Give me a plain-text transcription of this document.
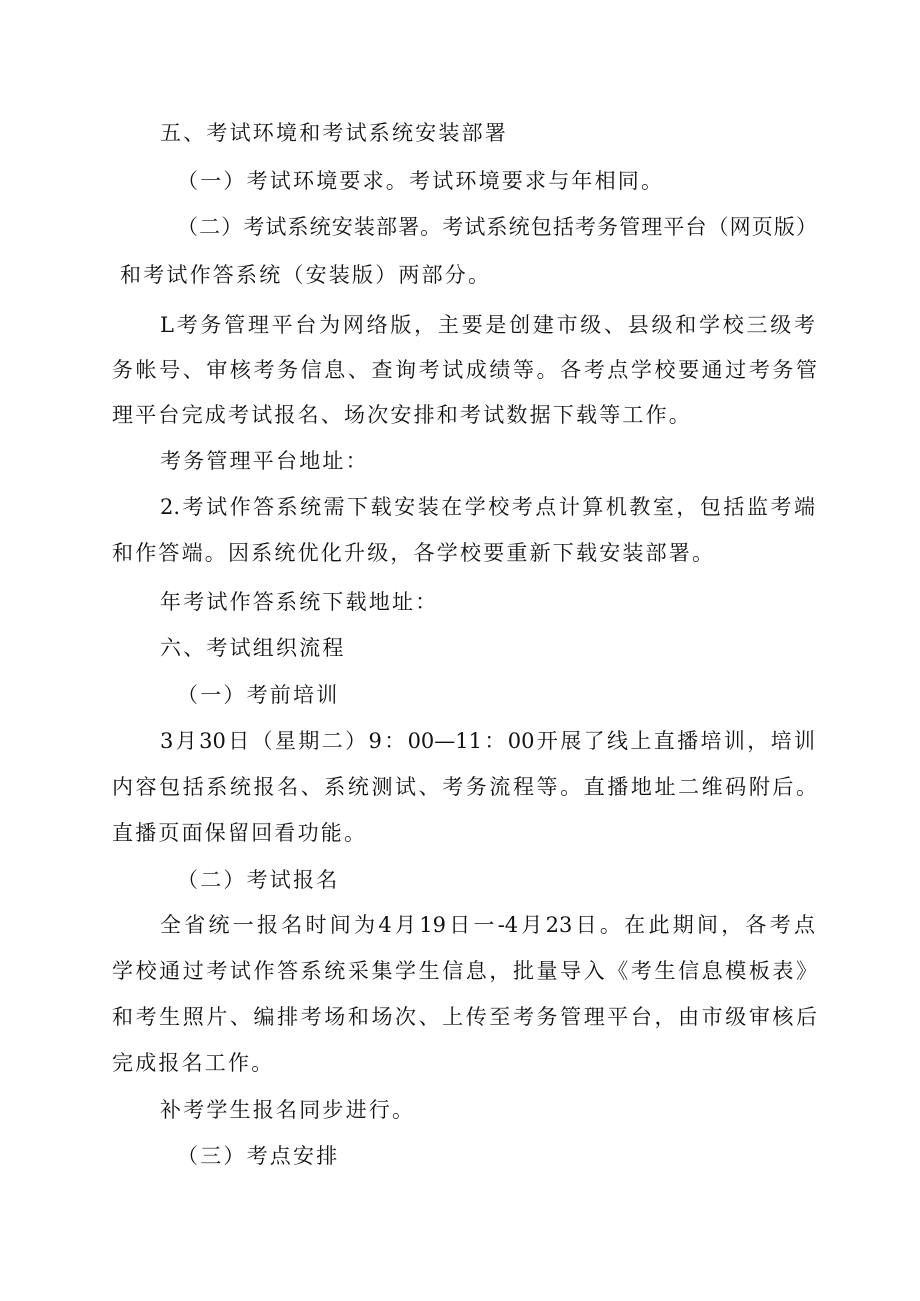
五、考试环境和考试系统安装部署
（一）考试环境要求。考试环境要求与年相同。
（二）考试系统安装部署。考试系统包括考务管理平台（网页版）
和考试作答系统（安装版）两部分。
L考务管理平台为网络版，主要是创建市级、县级和学校三级考
务帐号、审核考务信息、查询考试成绩等。各考点学校要通过考务管
理平台完成考试报名、场次安排和考试数据下载等工作。
考务管理平台地址：
2.考试作答系统需下载安装在学校考点计算机教室，包括监考端
和作答端。因系统优化升级，各学校要重新下载安装部署。
年考试作答系统下载地址：
六、考试组织流程
（一）考前培训
3月30日（星期二）9：00—11：00开展了线上直播培训，培训
内容包括系统报名、系统测试、考务流程等。直播地址二维码附后。
直播页面保留回看功能。
（二）考试报名
全省统一报名时间为4月19日一-4月23日。在此期间，各考点
学校通过考试作答系统采集学生信息，批量导入《考生信息模板表》
和考生照片、编排考场和场次、上传至考务管理平台，由市级审核后
完成报名工作。
补考学生报名同步进行。
（三）考点安排
